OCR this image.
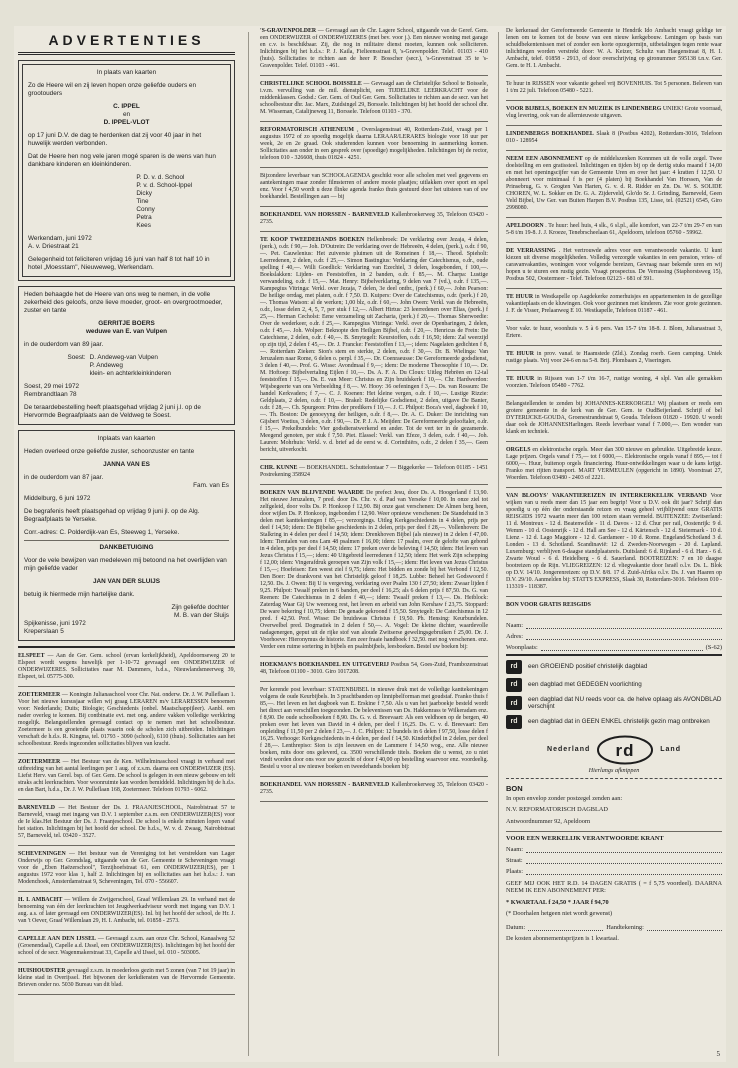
ADVERTENTIES
In plaats van kaarten
Zo de Heere wil en zij leven hopen onze geliefde ouders en grootouders
C. IPPEL
en
D. IPPEL-VLOT
op 17 juni D.V. de dag te herdenken dat zij voor 40 jaar in het huwelijk werden verbonden.
Dat de Heere hen nog vele jaren mogé sparen is de wens van hun dankbare kinderen en kleinkinderen.
P. D. v. d. School
P. v. d. School-Ippel
Dicky
Tine
Conny
Petra
Kees
Werkendam, juni 1972
A. v. Driestraat 21
Gelegenheid tot feliciteren vrijdag 16 juni van half 8 tot half 10 in hotel „Moesstam", Nieuweweg, Werkendam.
Heden behaagde het de Heere van ons weg te nemen, in de volle zekerheid des geloofs, onze lieve moeder, groot- en overgrootmoeder, zuster en tante
GERRITJE BOERS
weduwe van E. van Vulpen
in de ouderdom van 89 jaar.
Soest: D. Andeweg-van Vulpen
P. Andeweg
klein- en achterkleinkinderen
Soest, 29 mei 1972
Rembrandtlaan 78
De teraardebestelling heeft plaatsgehad vrijdag 2 juni j.l. op de Hervormde Begraafplaats aan de Veldweg te Soest.
Inplaats van kaarten
Heden overleed onze geliefde zuster, schoonzuster en tante
JANNA VAN ES
in de ouderdom van 87 jaar.
Fam. van Es
Middelburg, 6 juni 1972
De begrafenis heeft plaatsgehad op vrijdag 9 juni jl. op de Alg. Begraafplaats te Yerseke.
Corr.-adres: C. Polderdijk-van Es, Steeweg 1, Yerseke.
DANKBETUIGING
Voor de vele bewijzen van medeleven mij betoond na het overlijden van mijn geliefde vader
JAN VAN DER SLUIJS
betuig ik hiermede mijn hartelijke dank.
Zijn geliefde dochter
M. B. van der Sluijs
Spijkenisse, juni 1972
Kreperslaan 5
ELSPEET — Aan de Ger. Gem. school (ervan kerkelijkheid), Apeldoornseweg 20 te Elspeet wordt wegens huwelijk per 1-10-'72 gevraagd een ONDERWIJZER of ONDERWIJZERES. Sollicitaties naar M. Dammers, h.d.s., Nieuwlandsmeerweg 39, Elspeet, tel. 05775-300.
ZOETERMEER — Koningin Julianaschool voor Chr. Nat. onderw. Dr. J. W. Pulleflaan 1. Voor het nieuwe kursusjaar willen wij graag LERAREN m/v LERARESSEN benoemen voor: Nederlands; Duits; Biologie; Geschiedenis (onbel. Maatschappijleer). Aanbl. een nader overleg te komen. Bij contbinatie evt. met ong. andere vakken volledige werkkring mogelijk. Belangstellenden gevraagd contact op te nemen met het schoolbestuur. Zoetermeer is een groeiende plaats waarin ook de scholen zich uitbreiden. Inlichtingen verschaft de h.d.s. R. Kingma, tel. 01793 - 3090 (school), 6110 (thuis). Sollicitaties aan het schoolbestuur. Reeds ingezonden sollicitaties blijven van kracht.
ZOETERMEER — Het Bestuur van de Ken. Wilhelminaschool vraagt in verband met uitbreiding van het aantal leerlingen per 1 aug. of z.s.m. daarna een ONDERWIJZER (ES). Liefst Herv. van Gerel. bsp. of Ger. Gem. De school is gelegen in een nieuw gebouw en telt straks acht leerkrachten. Voor woonruimte kan worden bemiddeld. Inlichtingen bij de h.d.s. en dan Bart, h.d.s., Dr. J. W. Pulleflaan 168, Zoetermeer. Telefoon 01793 - 6062.
BARNEVELD — Het Bestuur der Ds. J. FRAANJESCHOOL, Nairobistraat 57 te Barneveld, vraagt met ingang van D.V. 1 september z.s.m. een ONDERWIJZER(ES) voor de Ie klas.Het Bestuur der Ds. J. Fraanjeschool. De school is enkele minuten lopen vanaf het station. Inlichtingen bij het hoofd der school. De h.d.s., W. v. d. Zwaag, Nairobistraat 57, Barneveld, tel. 03420 - 3527.
SCHEVENINGEN — Het bestuur van de Vereniging tot het verstrekken van Lager Onderwijs op Ger. Grondslag, uitgaande van de Ger. Gemeente te Scheveningen vraagt voor de „Eben Haëzerschool", Terzijhoefstraat 61, een ONDERWIJZER(ES), per 1 augustus 1972 voor klas 1, half 2. Inlichtingen bij en sollicitaties aan het h.d.s.: J. van Modenchoek, Amsterdamstraat 9, Scheveningen, Tel. 070 - 556607.
H. I. AMBACHT — Willem de Zwijgerschool, Graaf Willemlaan 29. In verband met de benoeming van één der leerkrachten tot Jeugdwerkadviseur wordt met ingang van D.V. 1 aug. a.s. of later gevraagd een ONDERWIJZER(ES). Inl. bij het hoofd der school, de Hr. J. van 't Oever, Graaf Willemlaan 29, H. I. Ambacht, tel. 01858 - 2573.
CAPELLE AAN DEN IJSSEL — Gevraagd z.s.m. aan onze Chr. School, Kanaalweg 52 (Groenendaal), Capelle a.d. IJssel, een ONDERWIJZER(ES). Inlichtingen bij het hoofd der school of de secr. Wagenmakerstraat 33, Capelle a/d IJssel, tel. 010 - 503005.
HUISHOUDSTER gevraagd z.s.m. in moederloos gezin met 5 zonen (van 7 tot 19 jaar) in kleine stad in Overijssel. Het bijwonen der kerkdiensten van de Hervormde Gemeente. Brieven onder no. 5030 Bureau van dit blad.
'S-GRAVENPOLDER — Gevraagd aan de Chr. Lagere School, uitgaande van de Geref. Gem. een ONDERWIJZER of ONDERWIJZERES (met bev. voor j.). Een nieuwe woning met garage en c.v. is beschikbaar. Zij, die nog in militaire dienst moeten, kunnen ook solliciteren. Inlichtingen bij het h.d.s.: P. J. Kaila, Fielieensstraat 8, 's-Gravenpolder. Telef. 01103 - 410 (huis). Sollicitaties te richten aan de heer P. Bosscher (secr.), 's-Gravenstraat 35 te 's-Gravenpolder. Telef. 01103 - 461.
CHRISTELIJKE SCHOOL BOISSELE — Gevraagd aan de Christelijke School te Boissele, i.v.m. vervulling van de mil. dienstplicht, een TIJDELIJKE LEERKRACHT voor de middenklassen. Godsd.: Ger. Gem. of Oud Ger. Gem. Sollicitaties te richten aan de secr. van het schoolbestuur dhr. Jac. Marx, Zuidsingel 29, Borssele. Inlichtingen bij het hoofd der school dhr. M. Wisseman, Catalijneweg 11, Borssele. Telefoon 01103 - 370.
REFORMATORISCH ATHENEUM , Overslagenstraat 40, Rotterdam-Zuid, vraagt per 1 augustus 1972 of zo spoedig mogelijk daarna LERAAR/LERARES biologie voor 18 uur per week, 2e en 2e graad. Ook studerenden kunnen voor benoeming in aanmerking komen. Sollicitaties aan onder in een gesprek over (spoedige) mogelijkheden. Inlichtingen bij de rector, telefoon 010 - 326608, thuis 01824 - 4251.
Bijzondere leverbaar van SCHOOLAGENDA geschikt voor alle scholen met veel gegevens en aantekeningen maar zonder filmsterren of andere mooie plaatjes; uitlakken over sport en spel enz. Voor f 4,50 wordt u deze flinke agenda franko thuis gestuurd door het uitsteen van of uw boekhandel. Bestellingen aan — bij
BOEKHANDEL VAN HORSSEN - BARNEVELD Kallenbroekerweg 35, Telefoon 03420 - 2735.
TE KOOP TWEEDEHANDS BOEKEN Hellenbroek: De verklaring over Jezaja, 4 delen, (perk.), o.dr. f 90,— Joh. D'Outrein: De verklaring over de Hebreeën, 4 delen, (perk.), o.dr. f 90,—. Pet. Cauwlenius: Het zuiverste pluimen uit de Romeinen f 18,—. Theod. Spieholt: Leerredenen, 2 delen, o.dr. f 25,—. Simon Bastingius: Verklaring der Catechismus, o.dr., oude spelling f 40,—. Willi Goedlick: Verklaring van Ezechiel, 3 delen, losgebonden, f 100,—. Boekslakken: Lijden- en Feeststoffen, in 2 banden, o.dr. f 85,—. M. Charpa: Lustige verwandeling, o.dr. f 15,—. Mat. Henry: Bijbelverklaring, 9 delen van 7 (vd.), o.dr. f 135,—. Kampegius Vitringa: Verkl. over Jezaja, 7 delen, 3e deel ontbr., (perk.) f 60,—. John Pearson: De heilige orrdag, met platen, o.dr. f 7,50. D. Kuipers: Over de Catechismus, o.dr. (perk.) f 20,—. Thomas Watson: al de werken; 1,00 blz, o.dr. f 60,—. John Owen: Verkl. van de Hebreeën, o.dr., losse delen 2, 4, 5, 7, per stuk f 12,—. Albert Hirtus: 23 leerredenen over Elias, (perk.) f 25,—. Herman Cecholst: Eene verzameling uit Zacharia, (perk.) f 20,—. Thomas Sherwoedie: Over de wederkeer, o.dr. f 25,—. Kampegius Vitringa: Verkl. over de Openbaringen, 2 delen, o.dr. f 45,—. Joh. Wolper: Beknopte den Heiligen Bijbel, o.dr. f 20,—. Henricus de Frein: De Catechisme, 2 delen, o.dr. f 40,—. B. Smytegelt: Keurstoffen, o.dr. f 16,50; idem: Zal weerzijd op zijn tijd, 2 delen f 45,—. Dr. J. Francke: Feeststoffen f 13,—; idem: Nagelaten gedichten f 8,—. Rotterdam Zieken: Sion's stem en sterkte, 2 delen, o.dr. f 30,—. Dr. B. Wielinga: Van Jeruzalem naar Rome, 6 delen o. perpl. f 35,—. Dr. Coenraeusse: De Gereformeerde godsdienst, 3 delen f 40,—. Prof. G. Wisse: Avondmaal f 9,—; idem: De moderne Theosophie f 10,—. Dr. M. Hoftoep: Bijbelvertaling Eijlen f 10,—. Ds. A. F. A. Du Cloux: Uitleg Hebrëen en 12-tal feeststoffen f 15,—. Ds. E. van Meer: Christus en Zijn bruidskerk f 10,—. Chr. Hardwerdon: Wijsbegeerte van ons Verbeelding f 8,—. W. Hooy: 36 oefeningen f 3,—. Ds. van Rossum: De handel Kerkvaders; f 7,—. C. J. Koenen: Het kleine vergen, o.dr. f 10,—. Lustige Rizzie: Geldplaats, 2 delen, o.dr. f 10,—. Brakel: Redelijke Godsdienst, 2 delen, uitgave De Banier, o.dr. f 28,—. Ch. Spurgeon: Prins der predikers f 10,—. J. C. Philpot: Boca's veel, dagboek f 10,—. Th. Boston: De genoeyyng der heiligen, o.dr. f 8,—. Dr. A. C. Duker: De inrichting van Gijsbert Voetius, 3 delen, o.dr. f 90,—. Dr. P. J. A. Meijden: De Gereformeerde gelooftaler, o.dr. f 15,—. Prekelbundels: Vier godsdienstwerkend en ander. Tot de vert ter in de gezamerde. Meegend genoten, per stuk f 7,50. Piet. Elassel: Verkl. van Efeze, 3 delen, o.dr. f 40,—. Joh. Lauren: Mohrhuis: Verkl. v. d. brief ad de eerst w. d. Corinthiërs, o.dr., 2 delen f 35,—. Geen bericht, uitverkocht.
CHR. KUNNE — BOEKHANDEL. Schuttelontaar 7 — Biggekerke — Telefoon 01185 - 1451 Postrekening 358924
BOEKEN VAN BLIJVENDE WAARDE De prefect Jesu, door Ds. A. Hoogerland f 13,90. Het nieuwe Jeruzalem, 7 pred. door Ds. Chr. v. d. Pad van Yerseke f 10,00. In onze ziel tot zelfgeleid, door volts Ds. P. Honkoop f 12,90. Bij onze gast verschenen: De Almen berg heen, door wijlen Ds. P. Honkoop, ingebonden f 12,90. Weer opnieuw verschenen: De Standehuid in 3 delen met kanttekeningen f 85,—; verzorgings. Uitleg Kerkgeschiedenis in 4 delen, prijs per deel f 14,50; idem: De Bijbelse geschiedenis in 2 delen, prijs per deel f 28,—. Vollenhoven: De Stalkring in 4 delen per deel f 14,50; idem: Drenkhoven Bijbel (als nieuwe) in 2 delen f 47,00. Idem: Tientalen van ons Lam 48 psalmen f 16,00; idem: 17 psalm, over de gelofte van gebond in 4 delen, prijs per deel f 14,50; idem: 17 preken over de beleving f 14,50; idem: Het leven van Jezus Christus f 15,—; idem: 40 Uitgebreid leerredenen f 12,50; idem: Het werk Zijn schepping f 12,00; idem: Vingerafdruk geroepen van Zijn volk f 15,—; idem: Het leven van Jezus Christus f 15,—; Hoefeisen: Een weest ziel f 9,75; idem: Het bidden en zonde bij het Verbond f 12,50. Den Boer: De drankvorst van het Christelijk geloof f 18,25. Lubbe: Beheel het Godswoord f 12,50. Ds. J. Owen: Bij U is vergeving, verklaring over Psalm 130 f 27,50; idem: Zwaar lijden f 9,25. Philpot: Twaalf preken in 6 banden, per deel f 16,25; als 6 delen prijs f 87,50. Ds. G. van Reenen: De Catechismus in 2 delen f 40,—; idem: Twaalf preken f 13,—. Ds. Heiblock: Zaterdag Waar Gij Uw weenoeg rest, het leven en arbeid van John Kershaw f 23,75. Stoppard: De ware bekering f 10,75; idem: De genade gekroond f 15,50. Smytegelt: De Catechismus in 12 pred. f 42,50. Prof. Wisse: De bruidswas Christus f 19,50. Ph. Hensing: Keurbundelen. Overwelbel pred. Dogmatiek in 2 delen f 50,—. A. Vogel: De kleine dichter, waardevolle nadagenergen, geput uit de rijke stof van aloude Zwitserse gewelingsgebruiken f 25,00. Dr. J. Voorhoeve: Hieronymus de historie. Een zeer fraaie handboek f 32,50. met nog verschenen. enz. Verder een ruime sortering in bijbels en psalmbijbels, leesboeken. Bestel uw boeken bij:
HOEKMAN'S BOEKHANDEL EN UITGEVERIJ Postbus 54, Goes-Zuid, Frambozenstraat 48, Telefoon 01100 - 3010. Giro 1017208.
Per kerende post leverbaar: STATENBIJBEL in nieuwe druk met de volledige kanttekeningen volgens de oude Keurbijbels. In 3 prachtbanden op linnipbelforman met goudstaf. Franko thuis f 85,—. Het leven en het dagboek van E. Erskine f 7,50. Als u van het jaarboekje besteld wordt het direct aan verschillen toegezonden. De belevenissen van Ds. Hakkenrass te Wilkeradam enz. f 8,90. De oude schoolboeken f 8,90. Ds. G. v. d. Breevaart: Als een veldhoen op de bergen, 40 preken over het leven van David in 4 delen, per deel f 16,25. Ds. C. v. d. Breevaart: Een onpleiding f 11,50 per 2 delen f 23,—. J. C. Philpot: 12 bundels in 6 delen f 97,50, losse delen f 16,25. Verhooge: Kerkgeschiedenis in 4 delen, per deel f 14,50. Kinderbijbel in 2 delen, per deel f 28,—. Lenthrepiso: Sion is zijn leeuwen en de Lammere f 14,50 wog., enz. Alle nieuwe boeken, mits door ons geleverd, ca. 3500 verschillende titels. Boeken die u wenst, zo u niet vindt worden door ons voor uw gezocht of door f 40,00 op bestelling waarvoor enz. voordeelig. Bestel u voor al uw nieuwe boeken en tweedehands boeken bij:
BOEKHANDEL VAN HORSSEN - BARNEVELD Kallenbroekerweg 35, Telefoon 03420 - 2735.
De kerkeraad der Gereformeerde Gemeente te Hendrik Ido Ambacht vraagt geldige ter lenen om te komen tot de bouw van een nieuw kerkgebouw. Leningen op basis van schuldbekentenissen met of zonder een korte opzegtermijn, uitbetalingen tegen rente waar inlichtingen worden verstrekt door: W. A. Keizer, Schultz van Haegenstraat 8, H. I. Ambacht, telef. 01858 - 2913, of door overschrijving op gironummer 595138 t.n.v. Ger. Gem. te H. I. Ambacht.
Te huur in RIJSSEN voor vakantie geheel vrij BOVENHUIS. Tot 5 personen. Beleven van 1 t/m 22 juli. Telefoon 05480 - 5221.
VOOR BIJBELS, BOEKEN EN MUZIEK IS LINDENBERG UNIEK! Grote voorraad, vlug levering, ook van de allernieuwste uitgaven.
LINDENBERGS BOEKHANDEL Slaak 8 (Postbus 4202), Rotterdam-3016, Telefoon 010 - 128954
NEEM EEN ABONNEMENT op de middelszenken Konnmen uit de volle zegel. Twee doelstelling en een gratissteel. Inlichtingen en tijden bij op de dertig stuks maand f 14,00 en met het openingscijfer van de Gemeente Uren en over het jaar: 4 kratten f 12,50. U abonneert voor minimaal f is per (4 platen) bij Boekhandel Van Horssen, Van de Prinsebrug, G. v. Grogten Van Harten, G. v. d. R. Ridder en Zn. Ds. W. S. SOLIDE CHOREN, W. L. Sokker en Dr. G. A. Zijderveld, Glo'do Sr. J. Grinding, Barneveld, Geen Veld Bijbel, Uw Ger. van Buiten Harpen B.V. Postbus 135, Lisse, tel. (02521) 6545, Giro 2998080.
APELDOORN . Te huur: heel huis, 4 slk., 6 sl.pl., alle komfort, van 22-7 t/m 29-7 en van 5-8 t/m 19-8. J. J. Kroeze, Tenebrscheelaan 61, Apeldoorn, telefoon 05760 - 59962.
DE VERRASSING . Het vertrouwde adres voor een verantwoorde vakantie. U kunt kiezen uit diverse mogelijkheden. Volledig verzorgde vakanties in een pension, vries- of caravanvakanties, woningen voor volgende bereizen, Gevraag naar bekende uren en wij hopen u te sturen een rustig gezin. Vraagt prospectus. De Verrassing (Staphorstsweg 15), Postbus 502, Oostermeer - Telef. Telefoon 02123 - 681 of 591.
TE HUUR in Westkapelle op Aagdekerke zomerhuisjes en appartementen in de gezellige vakantieplaats en de kluwingen. Ook voor gezinnen met kinderen. Zie voor grote gezinnen. J. F. de Visser, Prelaanweg E 10. Westkapelle, Telefoon 01187 - 461.
Voor vakr. te huur, woonhuis v. 5 à 6 pers. Van 15-7 t/m 18-8. J. Blom, Julianastraat 3, Ertere.
TE HUUR in prov. vanaf. te Haamstede (Zld.). Zondag roerb. Geen camping. Uniek rustige plaats. Vrij voor 24-6 en na 5-8. Brij. Plombaars 2, Viseringen.
TE HUUR in Rijssen van 1-7 t/m 16-7, rustige woning, 4 slpl. Van alle gemakken voorzien. Telefoon 05480 - 7762.
Belangstellenden te zenden bij JOHANNES-KERKORGEL! Wij plaatsen er reeds een grotere gemeente in de kerk van de Ger. Gem. te OudBeijerland. Schrijf of bel DYTERIJCKE-GOUDA, Groenestrandstraat 9, Gouda. Telefoon 01820 - 19920. U wordt daar ook de JOHANNESHarlingen. Reeds leverbaar vanaf f 7.000,—. Een wonder van klank en techniek.
ORGELS en elektronische orgels. Meer dan 300 nieuwe en gebruikte. Uitgebreide keuze. Lage prijzen. Orgels vanaf f 75,— tot f 6000,—. Elektronische orgels vanaf f 895,— tot f 6000,—. Huur, buitenop orgels financiering. Huur-ontwikkelingen waar u de kans krijgt. Franko met rijtten transport. MART VERMEULEN (opgericht in 1890). Voorstraat 27, Woerden. Telefoon 03480 - 2403 of 2221.
VAN BLOOYS' VAKANTIEREIZEN IN INTERKERKELIJK VERBAND Voor wijken van u reeds meer dan 15 jaar een begrip! Voor u D.V. ook dit jaar? Schrijf dan spoedig u op één der onderstaande reizen en vraag geheel vrijblijvend onze GRATIS REISGIDS 1972 waarin meer dan 100 reizen staan vermeld. BUITENZEE: Zwitserland: 11 d. Montreux - 12 d. Beatenwilde - 11 d. Davos - 12 d. Chur per rail, Oostenrijk: 9 d. Wemm - 10 d. Oostenrijk - 12 d. Hall am See - 12 d. Kärtensch - 12 d. Steiermark - 10 d. Lienz - 12 d. Lago Maggiore - 12 d. Gardameer - 10 d. Rome. Engeland/Schotland 3 d. Londen - 13 d. Schotland. Scandinavië: 12 d. Zweden-Noorwegen - 20 d. Lapland. Luxemburg: verblijven 6-daagse standplaatsreis. Duitsland: 6 d. Rijnland - 6 d. Harz - 6 d. Zwarte Woud - 6 d. Heidelberg - 6 d. Sauerland. BOOTREIZEN: 7 en 10 daagse bootreizen op de Rijn. VLIEGREIZEN: 12 d. vliegvakantie door Israël o.l.v. Ds. L. Blok op D.V. 14/10. Jongerenreizen: op D.V. 8/8. 17 d. Zuid-Afrika o.l.v. Ds. J. van Haaren op D.V. 29/10. Aanmelden bij: STATTS EXPRESS, Slaak 30, Rotterdam-3016. Telefoon 010 - 113319 - 118387.
BON VOOR GRATIS REISGIDS
Naam:
Adres:
Woonplaats:	(S-62)
rd	een GROEIEND positief christelijk dagblad
rd	een dagblad met GEDEGEN voorlichting
rd
een dagblad dat NU reeds voor ca. de helve oplaag als AVONDBLAD verschijnt
rd	een dagblad dat in GEEN ENKEL christelijk gezin mag ontbreken
Nederland rd	Land
Hierlangs afknippen
BON
In open envelop zonder postzegel zenden aan:
N.V. REFORMATORISCH DAGBLAD
Antwoordnummer 92, Apeldoorn
VOOR EEN WERKELIJK VERANTWOORDE KRANT
Naam:
Straat:
Plaats:
GEEF MIJ OOK HET R.D. 14 DAGEN GRATIS ( = f 5,75 voordeel). DAARNA NEEM IK EEN ABONNEMENT PER:
* KWARTAAL f 24,50 * JAAR f 94,70
(* Doorhalen hetgeen niet wordt gewenst)
Datum:	Handtekening:
De kosten abonnementsprijzen is 1 kwartaal.
5
